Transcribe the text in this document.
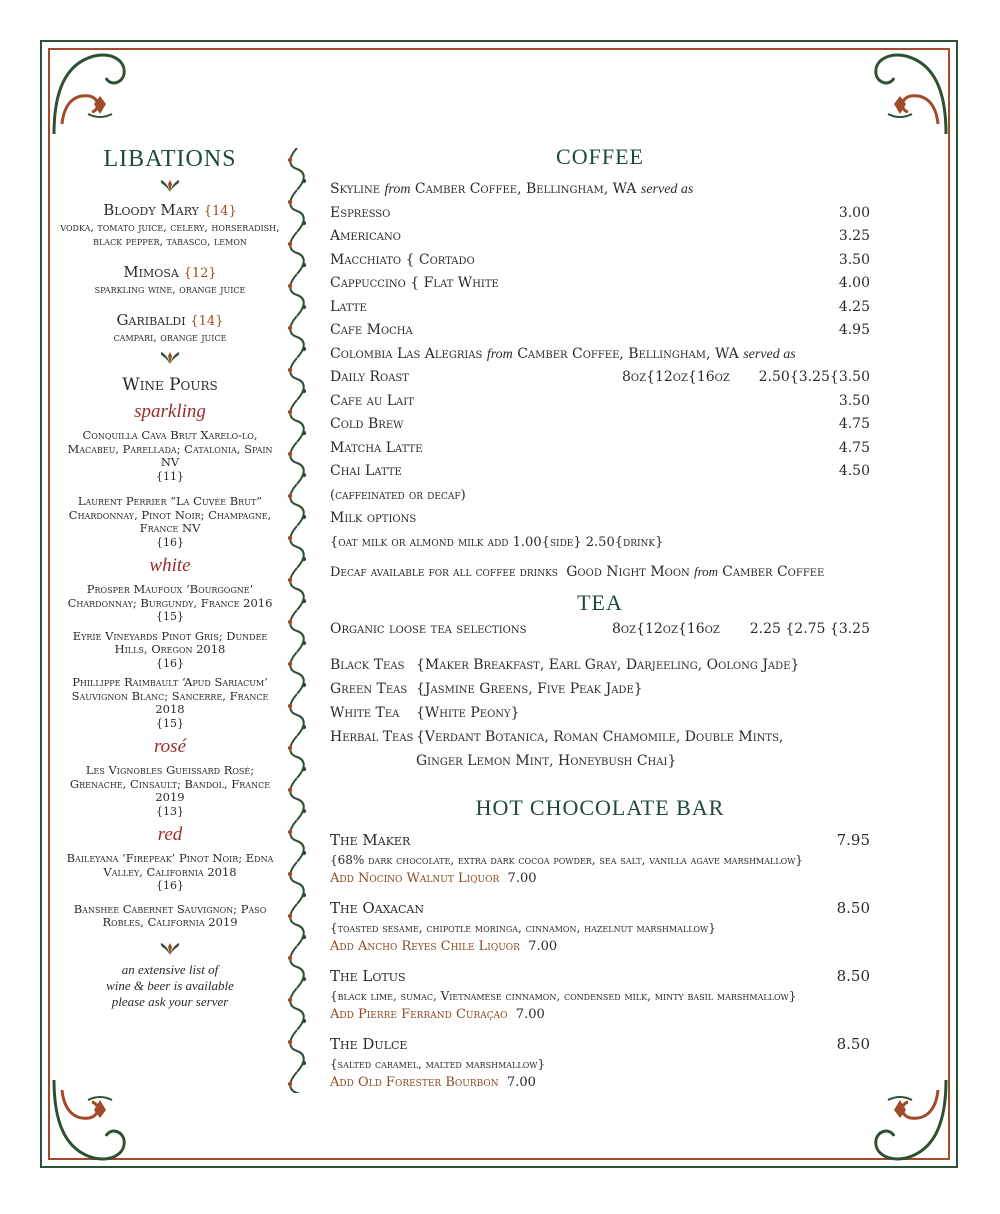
LIBATIONS
Bloody Mary {14}
vodka, tomato juice, celery, horseradish, black pepper, tabasco, lemon
Mimosa {12}
sparkling wine, orange juice
Garibaldi {14}
campari, orange juice
Wine Pours
sparkling
Conquilla Cava Brut Xarelo-lo, Macabeu, Parellada; Catalonia, Spain NV
{11}
Laurent Perrier “La Cuvée Brut” Chardonnay, Pinot Noir; Champagne, France NV
{16}
white
Prosper Maufoux ‘Bourgogne’ Chardonnay; Burgundy, France 2016
{15}
Eyrie Vineyards Pinot Gris; Dundee Hills, Oregon 2018
{16}
Phillippe Raimbault ‘Apud Sariacum’ Sauvignon Blanc; Sancerre, France 2018
{15}
rosé
Les Vignobles Gueissard Rosé; Grenache, Cinsault; Bandol, France 2019
{13}
red
Baileyana ‘Firepeak’ Pinot Noir; Edna Valley, California 2018
{16}
Banshee Cabernet Sauvignon; Paso Robles, California 2019
an extensive list of
wine & beer is available
please ask your server
COFFEE
Skyline from Camber Coffee, Bellingham, WA served as
Espresso	3.00
Americano	3.25
Macchiato { Cortado	3.50
Cappuccino { Flat White	4.00
Latte	4.25
Cafe Mocha	4.95
Colombia Las Alegrias from Camber Coffee, Bellingham, WA served as
Daily Roast	8oz{12oz{16oz 2.50{3.25{3.50
Cafe au Lait	3.50
Cold Brew	4.75
Matcha Latte	4.75
Chai Latte	4.50
(caffeinated or decaf)
Milk options
{oat milk or almond milk add 1.00{side} 2.50{drink}
Decaf available for all coffee drinks Good Night Moon from Camber Coffee
TEA
Organic loose tea selections	8oz{12oz{16oz 2.25 {2.75 {3.25
Black Teas {Maker Breakfast, Earl Gray, Darjeeling, Oolong Jade}
Green Teas {Jasmine Greens, Five Peak Jade}
White Tea	{White Peony}
Herbal Teas {Verdant Botanica, Roman Chamomile, Double Mints,
Ginger Lemon Mint, Honeybush Chai}
HOT CHOCOLATE BAR
The Maker	7.95
{68% dark chocolate, extra dark cocoa powder, sea salt, vanilla agave marshmallow}
Add Nocino Walnut Liquor 7.00
The Oaxacan	8.50
{toasted sesame, chipotle moringa, cinnamon, hazelnut marshmallow}
Add Ancho Reyes Chile Liquor 7.00
The Lotus	8.50
{black lime, sumac, Vietnamese cinnamon, condensed milk, minty basil marshmallow}
Add Pierre Ferrand Curaçao 7.00
The Dulce	8.50
{salted caramel, malted marshmallow}
Add Old Forester Bourbon 7.00
